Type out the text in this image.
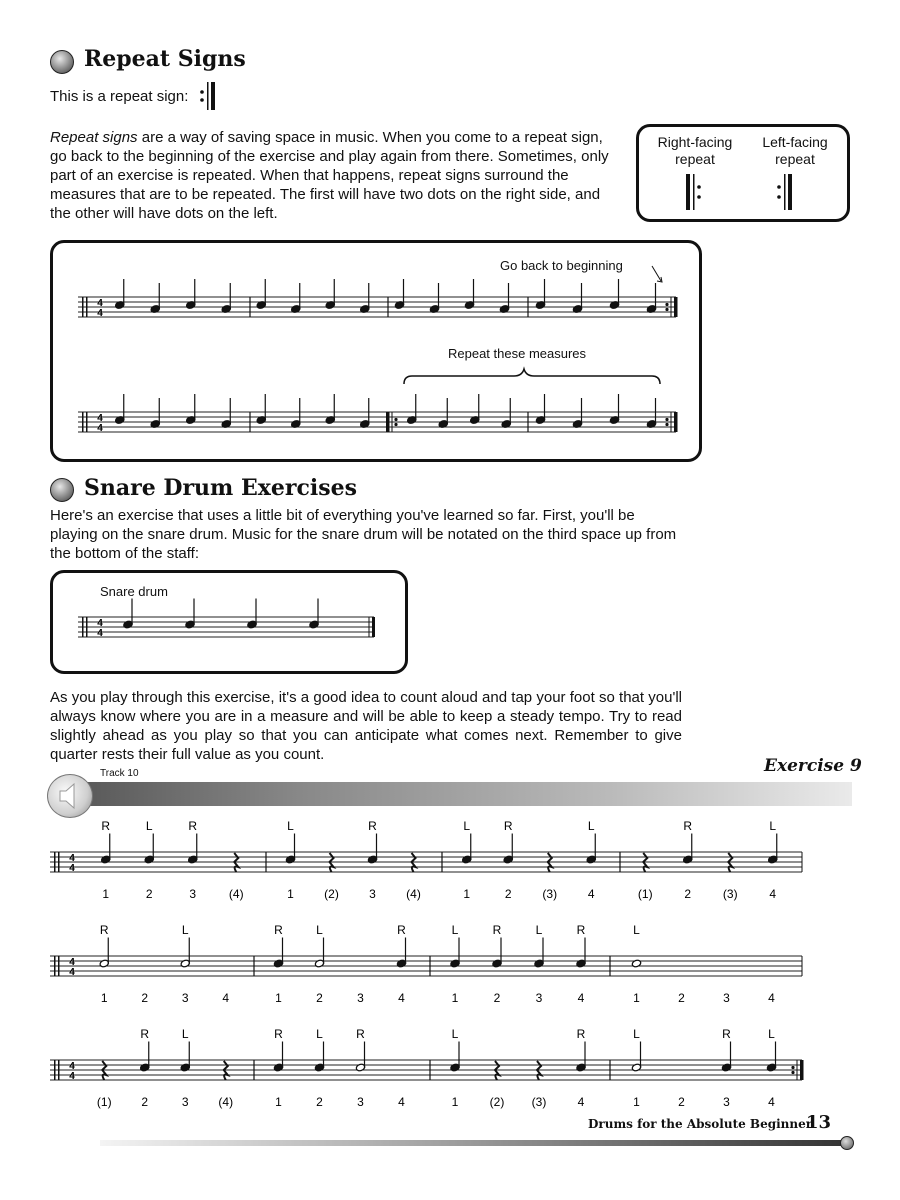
Repeat Signs
This is a repeat sign:
Repeat signs are a way of saving space in music. When you come to a repeat sign, go back to the beginning of the exercise and play again from there. Sometimes, only part of an exercise is repeated. When that happens, repeat signs surround the measures that are to be repeated. The first will have two dots on the right side, and the other will have dots on the left.
Right-facing repeat
Left-facing repeat
Go back to beginning
Repeat these measures
4
4
4
4
Snare Drum Exercises
Here's an exercise that uses a little bit of everything you've learned so far. First, you'll be playing on the snare drum. Music for the snare drum will be notated on the third space up from the bottom of the staff:
Snare drum
4
4
As you play through this exercise, it's a good idea to count aloud and tap your foot so that you'll always know where you are in a measure and will be able to keep a steady tempo. Try to read slightly ahead as you play so that you can anticipate what comes next. Remember to give quarter rests their full value as you count.
Exercise 9
Track 10
4
4
R
1
L
2
R
3	(4)
L
1	(2)
R
3	(4)
L
1
R
2	(3)
L
4	(1)
R
2	(3)
L
4
4
4
R
1	2
L
3	4
R
1
L
2	3
R
4
L
1
R
2
L
3
R
4
L
1	2	3	4
4
4
(1)
R
2
L
3 (4)
R
1
L
2
R
3	4
L
1	(2) (3)
R
4
L
1	2
R
3
L
4
Drums for the Absolute Beginner
13
